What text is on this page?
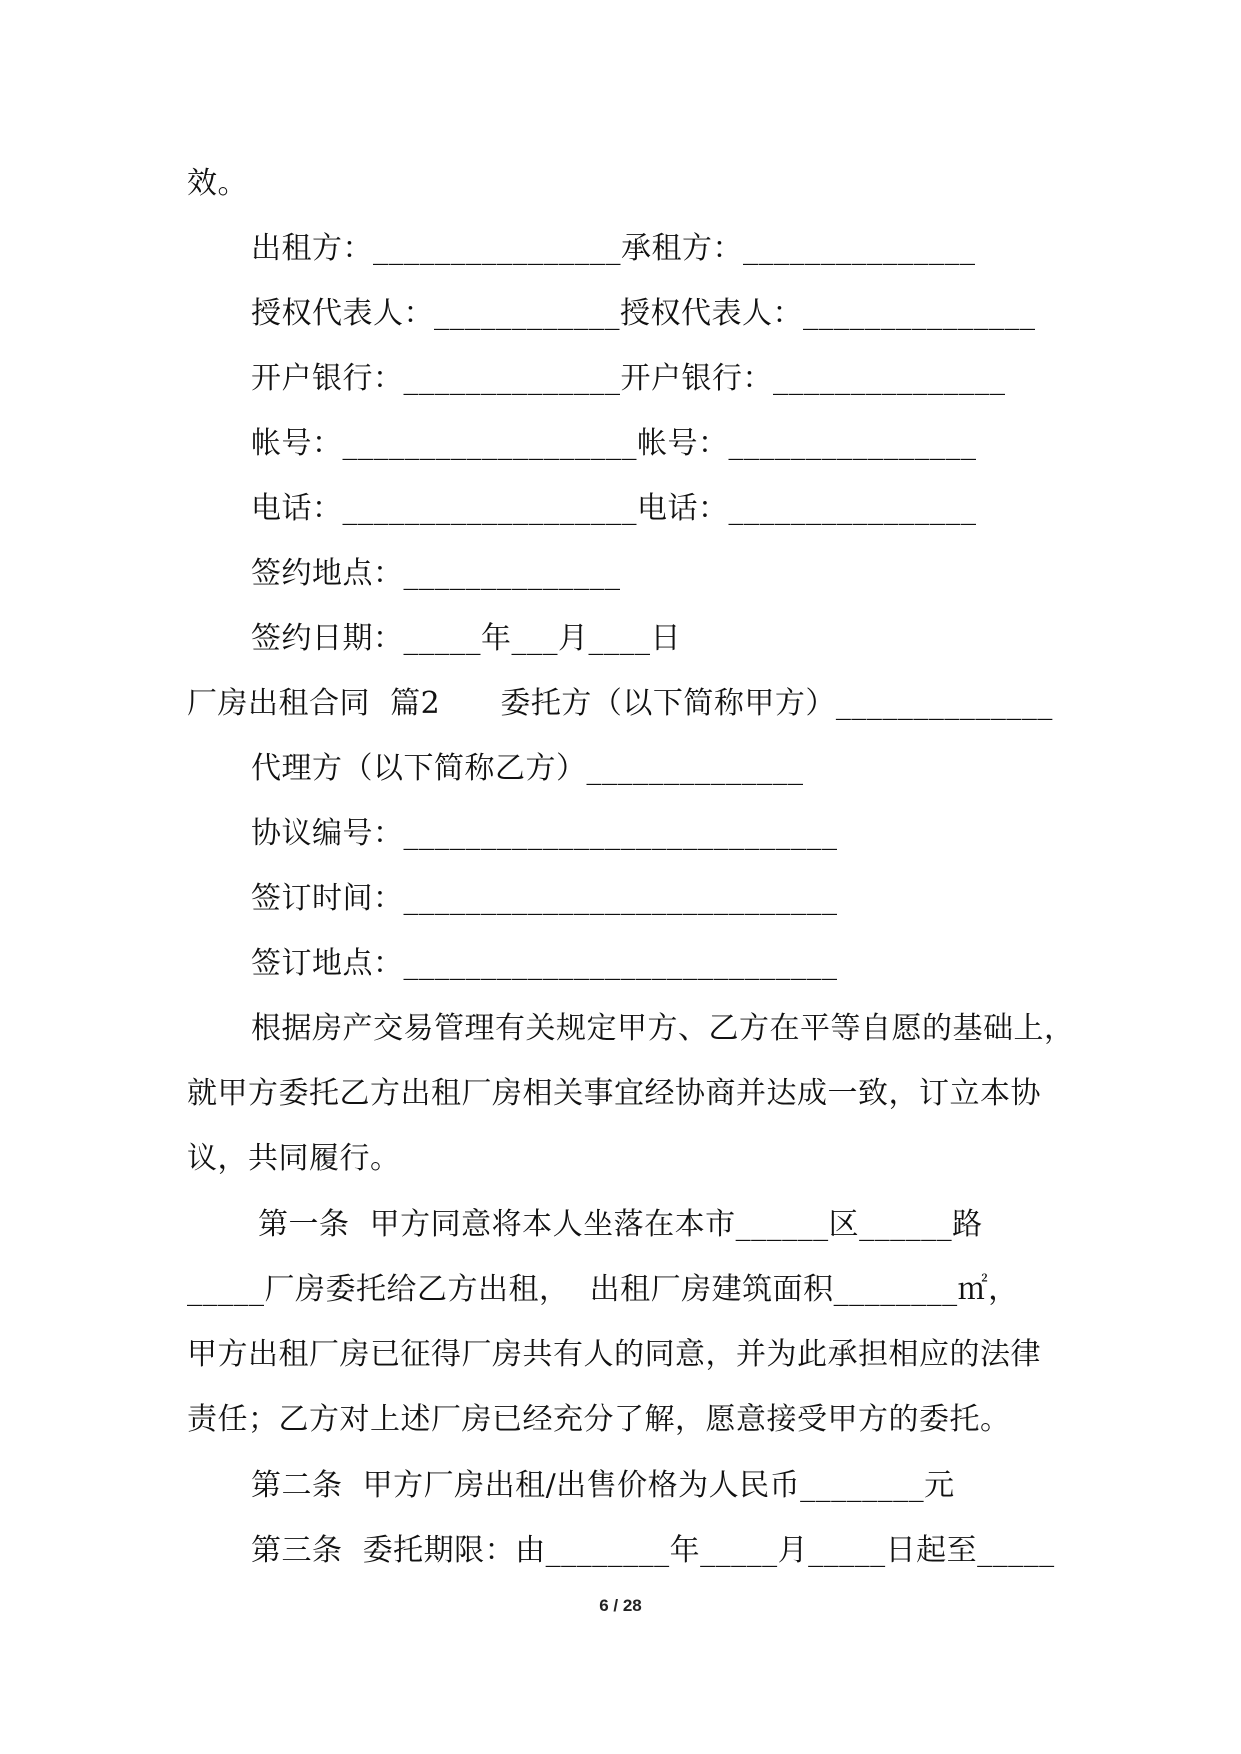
效。
出租方：________________承租方：_______________
授权代表人：____________授权代表人：_______________
开户银行：______________开户银行：_______________
帐号：___________________帐号：________________
电话：___________________电话：________________
签约地点：______________
签约日期：_____年___月____日
厂房出租合同  篇2      委托方（以下简称甲方）______________
代理方（以下简称乙方）______________
协议编号：____________________________
签订时间：____________________________
签订地点：____________________________
根据房产交易管理有关规定甲方、乙方在平等自愿的基础上，
就甲方委托乙方出租厂房相关事宜经协商并达成一致，订立本协
议，共同履行。
第一条  甲方同意将本人坐落在本市______区______路
_____厂房委托给乙方出租，  出租厂房建筑面积________㎡，
甲方出租厂房已征得厂房共有人的同意，并为此承担相应的法律
责任；乙方对上述厂房已经充分了解，愿意接受甲方的委托。
第二条  甲方厂房出租/出售价格为人民币________元
第三条  委托期限：由________年_____月_____日起至_____
6 / 28
